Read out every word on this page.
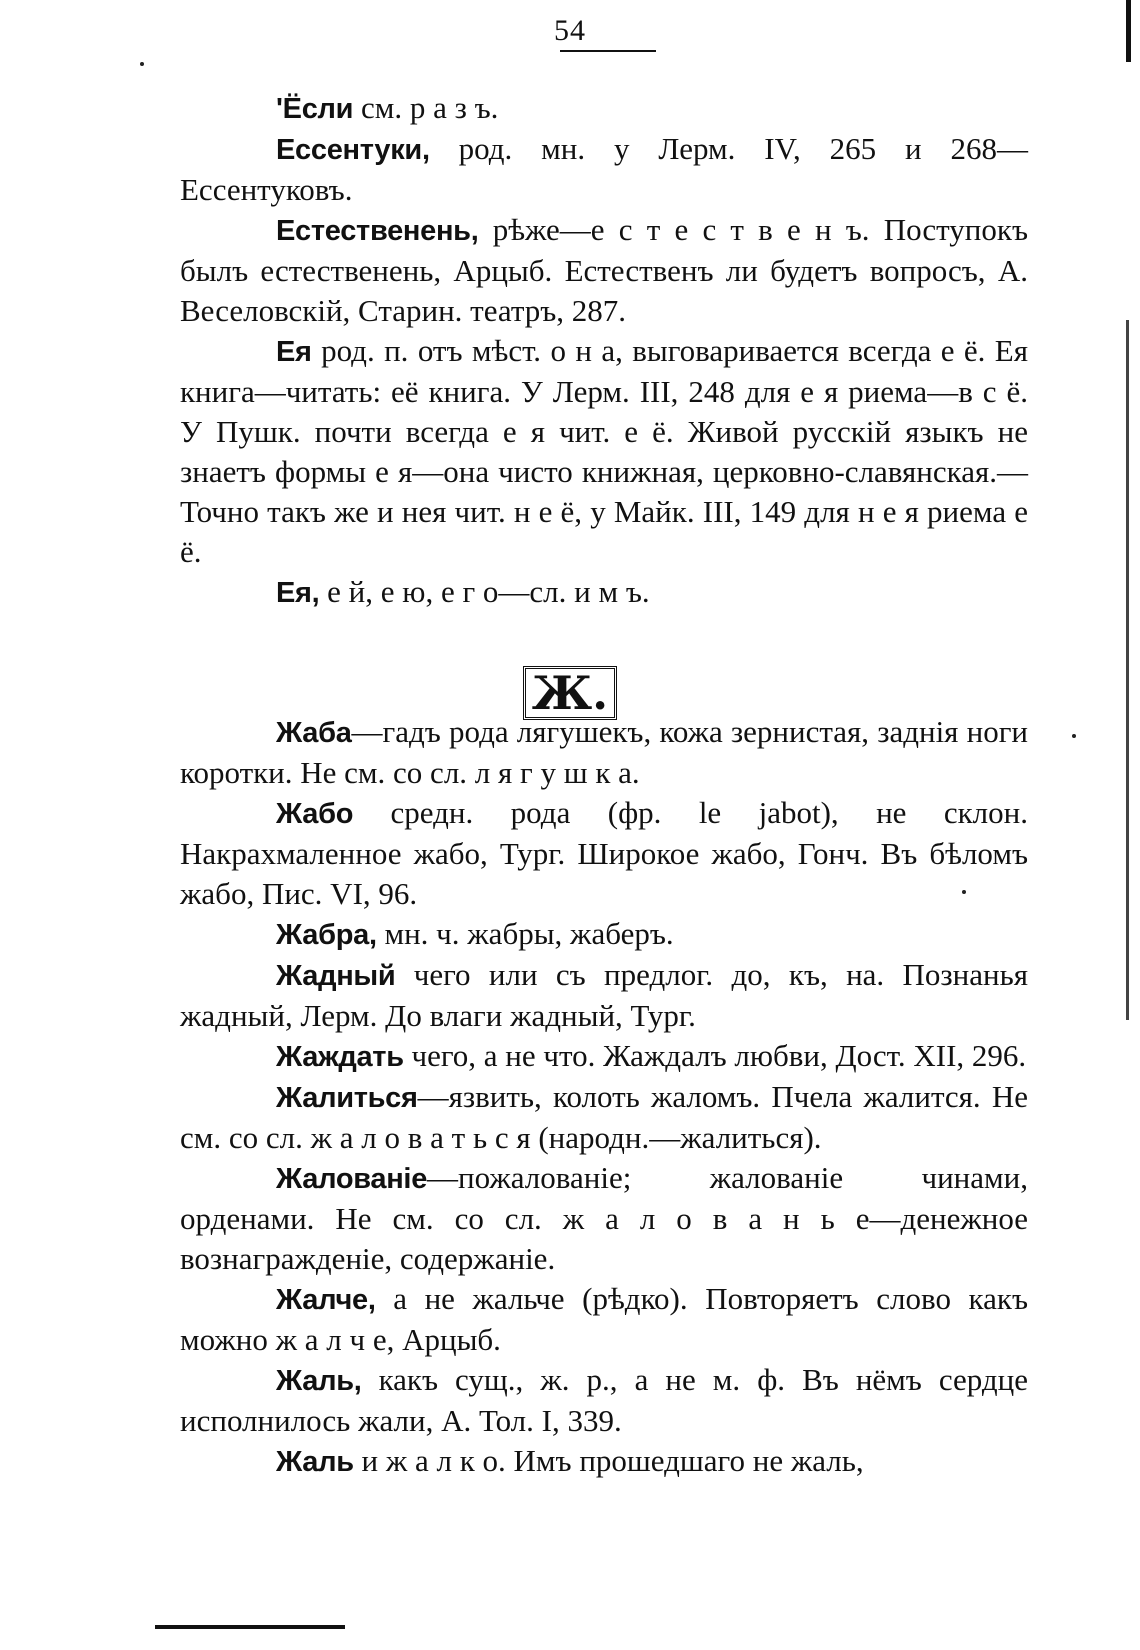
54

'Ёсли см. р а з ъ.

Ессентуки, род. мн. у Лерм. IV, 265 и 268—Ессентуковъ.

Естественень, рѣже—е с т е с т в е н ъ. Поступокъ былъ естественень, Арцыб. Естественъ ли будетъ вопросъ, А. Веселовскій, Старин. театръ, 287.

Ея род. п. отъ мѣст. о н а, выговаривается всегда е ё. Ея книга—читать: её книга. У Лерм. III, 248 для е я риема—в с ё. У Пушк. почти всегда е я чит. е ё. Живой русскій языкъ не знаетъ формы е я—она чисто книжная, церковно-славянская.—Точно такъ же и нея чит. н е ё, у Майк. III, 149 для н е я риема е ё.

Ея, е й, е ю, е г о—сл. и м ъ.

Ж.

Жаба—гадъ рода лягушекъ, кожа зернистая, заднія ноги коротки. Не см. со сл. л я г у ш к а.

Жабо средн. рода (фр. le jabot), не склон. Накрахмаленное жабо, Тург. Широкое жабо, Гонч. Въ бѣломъ жабо, Пис. VI, 96.

Жабра, мн. ч. жабры, жаберъ.

Жадный чего или съ предлог. до, къ, на. Познанья жадный, Лерм. До влаги жадный, Тург.

Жаждать чего, а не что. Жаждалъ любви, Дост. XII, 296.

Жалиться—язвить, колоть жаломъ. Пчела жалится. Не см. со сл. ж а л о в а т ь с я (народн.—жалиться).

Жалованіе—пожалованіе; жалованіе чинами, орденами. Не см. со сл. ж а л о в а н ь е—денежное вознагражденіе, содержаніе.

Жалче, а не жальче (рѣдко). Повторяетъ слово какъ можно ж а л ч е, Арцыб.

Жаль, какъ сущ., ж. р., а не м. ф. Въ нёмъ сердце исполнилось жали, А. Тол. I, 339.

Жаль и ж а л к о. Имъ прошедшаго не жаль,
